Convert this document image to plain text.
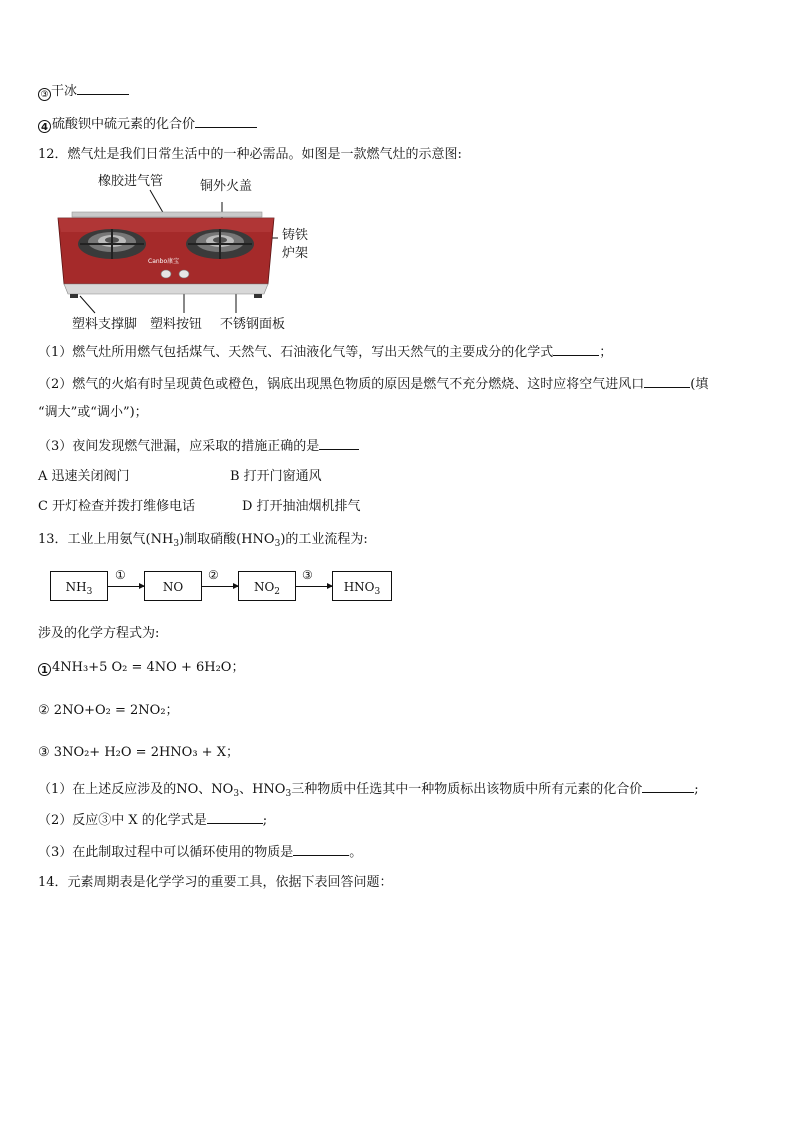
③ 干冰
4 硫酸钡中硫元素的化合价
12．燃气灶是我们日常生活中的一种必需品。如图是一款燃气灶的示意图:
Canbo康宝
橡胶进气管	铜外火盖
铸铁
炉架
塑料支撑脚 塑料按钮 不锈钢面板
（1）燃气灶所用燃气包括煤气、天然气、石油液化气等，写出天然气的主要成分的化学式	；
（2）燃气的火焰有时呈现黄色或橙色，锅底出现黑色物质的原因是燃气不充分燃烧、这时应将空气进风口	(填
“调大”或“调小”)；
（3）夜间发现燃气泄漏，应采取的措施正确的是
A 迅速关闭阀门	B 打开门窗通风
C 开灯检查并拨打维修电话	D 打开抽油烟机排气
13．工业上用氨气$(NH_3)$制取硝酸$(HNO_3)$的工业流程为:
$NH_3$	NO	$NO_2$	$HNO_3$
①	②	③
涉及的化学方程式为:
1 4NH₃+5 O₂ = 4NO + 6H₂O；
② 2NO+O₂ = 2NO₂；
③ 3NO₂+ H₂O = 2HNO₃ + X；
（1）在上述反应涉及的NO、$NO_3$、$HNO_3$三种物质中任选其中一种物质标出该物质中所有元素的化合价	;
（2）反应③中 X 的化学式是	;
（3）在此制取过程中可以循环使用的物质是	。
14．元素周期表是化学学习的重要工具，依据下表回答问题：
